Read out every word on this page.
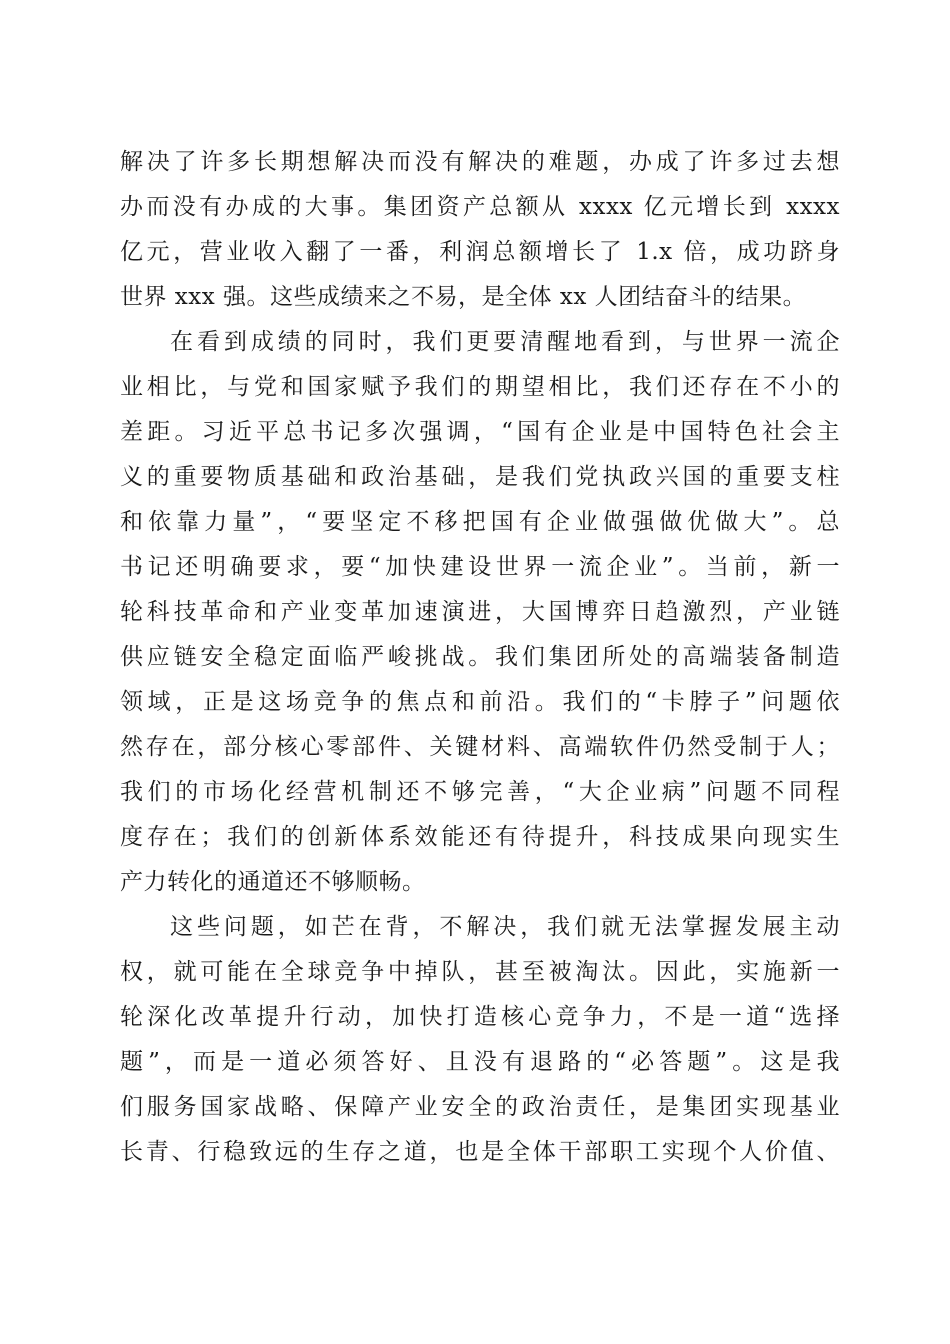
解决了许多长期想解决而没有解决的难题，办成了许多过去想
办而没有办成的大事。集团资产总额从 xxxx 亿元增长到 xxxx
亿元，营业收入翻了一番，利润总额增长了 1.x 倍，成功跻身
世界 xxx 强。这些成绩来之不易，是全体 xx 人团结奋斗的结果。
在看到成绩的同时，我们更要清醒地看到，与世界一流企
业相比，与党和国家赋予我们的期望相比，我们还存在不小的
差距。习近平总书记多次强调，“国有企业是中国特色社会主
义的重要物质基础和政治基础，是我们党执政兴国的重要支柱
和依靠力量”，“要坚定不移把国有企业做强做优做大”。总
书记还明确要求，要“加快建设世界一流企业”。当前，新一
轮科技革命和产业变革加速演进，大国博弈日趋激烈，产业链
供应链安全稳定面临严峻挑战。我们集团所处的高端装备制造
领域，正是这场竞争的焦点和前沿。我们的“卡脖子”问题依
然存在，部分核心零部件、关键材料、高端软件仍然受制于人；
我们的市场化经营机制还不够完善，“大企业病”问题不同程
度存在；我们的创新体系效能还有待提升，科技成果向现实生
产力转化的通道还不够顺畅。
这些问题，如芒在背，不解决，我们就无法掌握发展主动
权，就可能在全球竞争中掉队，甚至被淘汰。因此，实施新一
轮深化改革提升行动，加快打造核心竞争力，不是一道“选择
题”，而是一道必须答好、且没有退路的“必答题”。这是我
们服务国家战略、保障产业安全的政治责任，是集团实现基业
长青、行稳致远的生存之道，也是全体干部职工实现个人价值、
